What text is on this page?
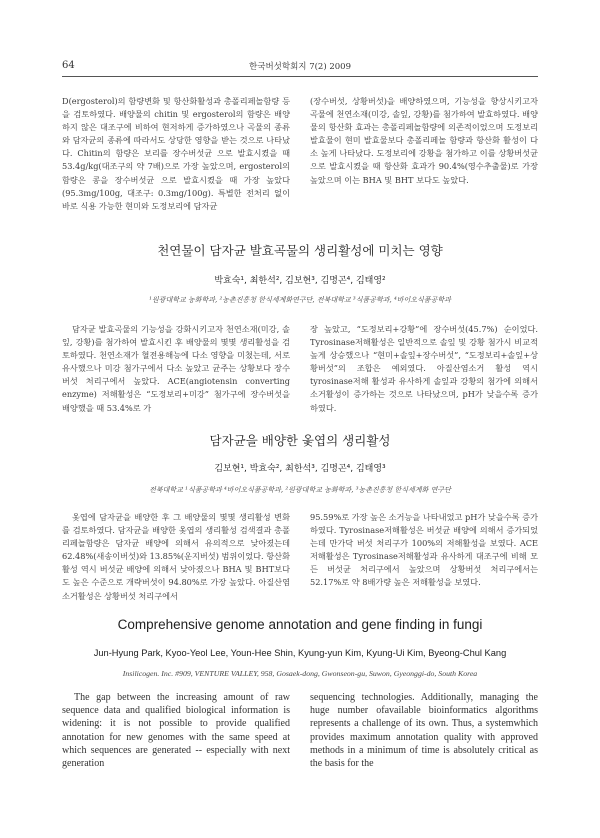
64	한국버섯학회지 7(2) 2009

D(ergosterol)의 함량변화 및 항산화활성과 총폴리페놀함량 등을 검토하였다. 배양물의 chitin 및 ergosterol의 함량은 배양하지 않은 대조구에 비하여 현저하게 증가하였으나 곡물의 종류와 담자균의 종류에 따라서도 상당한 영향을 받는 것으로 나타났다. Chitin의 함량은 보리를 장수버섯균 으로 발효시켰을 때 53.4g/kg(대조구의 약 7배)으로 가장 높았으며, ergosterol의 함량은 콩을 장수버섯균 으로 발효시켰을 때 가장 높았다(95.3mg/100g, 대조구: 0.3mg/100g). 특별한 전처리 없이 바로 식용 가능한 현미와 도정보리에 담자균

(장수버섯, 상황버섯)을 배양하였으며, 기능성을 향상시키고자 곡물에 천연소재(미강, 솔잎, 강황)를 첨가하여 발효하였다. 배양물의 항산화 효과는 총폴리페놀함량에 의존적이었으며 도정보리 발효물이 현미 발효물보다 총폴리페놀 함량과 항산화 활성이 다소 높게 나타났다. 도정보리에 강황을 첨가하고 이를 상황버섯균으로 발효시켰을 때 항산화 효과가 90.4%(영수추출물)로 가장 높았으며 이는 BHA 및 BHT 보다도 높았다.

천연물이 담자균 발효곡물의 생리활성에 미치는 영향
박효숙¹, 최한석², 김보현³, 김명곤⁴, 김태영²
¹원광대학교 농화학과, ²농촌진흥청 한식세계화연구단, 전북대학교 ³식품공학과, ⁴바이오식품공학과

담자균 발효곡물의 기능성을 강화시키고자 천연소재(미강, 솔잎, 강황)를 첨가하여 발효시킨 후 배양물의 몇몇 생리활성을 검토하였다. 천연소재가 혈전용해능에 다소 영향을 미쳤는데, 서로 유사했으나 미강 첨가구에서 다소 높았고 균주는 상황보다 장수버섯 처리구에서 높았다. ACE(angiotensin converting enzyme) 저해활성은 “도정보리+미강” 첨가구에 장수버섯을 배양했을 때 53.4%로 가

장 높았고, “도정보리+강황”에 장수버섯(45.7%) 순이었다. Tyrosinase저해활성은 일반적으로 솔잎 및 강황 첨가시 비교적 높게 상승했으나 “현미+솔잎+장수버섯”, “도정보리+솔잎+상황버섯”의 조합은 예외였다. 아질산염소거 활성 역시 tyrosinase저해 활성과 유사하게 솔잎과 강황의 첨가에 의해서 소거활성이 증가하는 것으로 나타났으며, pH가 낮을수록 증가하였다.

담자균을 배양한 옻엽의 생리활성
김보현¹, 박효숙², 최한석³, 김명곤⁴, 김태영³
전북대학교 ¹식품공학과 ⁴바이오식품공학과, ²원광대학교 농화학과, ³농촌진흥청 한식세계화 연구단

옻엽에 담자균을 배양한 후 그 배양물의 몇몇 생리활성 변화를 검토하였다. 담자균을 배양한 옻엽의 생리활성 검색결과 총폴리페놀함량은 담자균 배양에 의해서 유의적으로 낮아졌는데 62.48%(새송이버섯)와 13.85%(운지버섯) 범위이었다. 항산화활성 역시 버섯균 배양에 의해서 낮아졌으나 BHA 및 BHT보다도 높은 수준으로 개략버섯이 94.80%로 가장 높았다. 아질산염 소거활성은 상황버섯 처리구에서

95.59%로 가장 높은 소거능을 나타내었고 pH가 낮을수록 증가하였다. Tyrosinase저해활성은 버섯균 배양에 의해서 증가되었는데 만가닥 버섯 처리구가 100%의 저해활성을 보였다. ACE 저해활성은 Tyrosinase저해활성과 유사하게 대조구에 비해 모든 버섯균 처리구에서 높았으며 상황버섯 처리구에서는 52.17%로 약 8배가량 높은 저해활성을 보였다.

Comprehensive genome annotation and gene finding in fungi
Jun-Hyung Park, Kyoo-Yeol Lee, Youn-Hee Shin, Kyung-yun Kim, Kyung-Ui Kim, Byeong-Chul Kang
Insilicogen. Inc. #909, VENTURE VALLEY, 958, Gosaek-dong, Gwonseon-gu, Suwon, Gyeonggi-do, South Korea

The gap between the increasing amount of raw sequence data and qualified biological information is widening: it is not possible to provide qualified annotation for new genomes with the same speed at which sequences are generated -- especially with next generation

sequencing technologies. Additionally, managing the huge number ofavailable bioinformatics algorithms represents a challenge of its own. Thus, a systemwhich provides maximum annotation quality with approved methods in a minimum of time is absolutely critical as the basis for the
